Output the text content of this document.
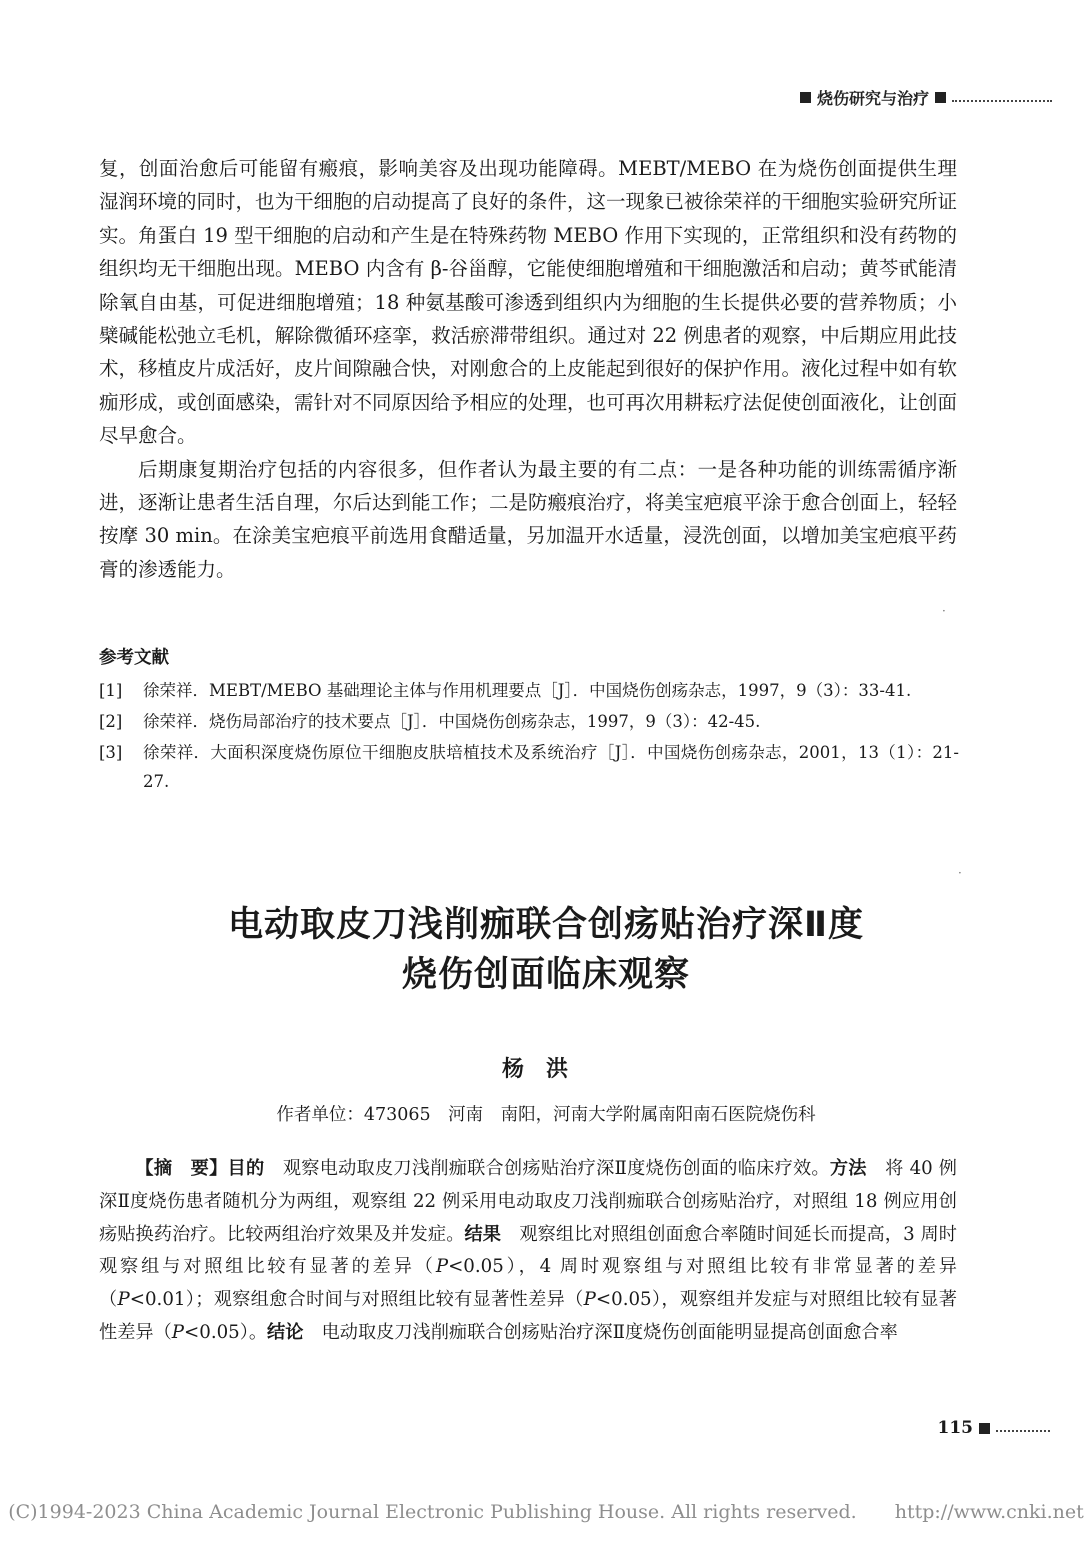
烧伤研究与治疗

复，创面治愈后可能留有瘢痕，影响美容及出现功能障碍。MEBT/MEBO 在为烧伤创面提供生理湿润环境的同时，也为干细胞的启动提高了良好的条件，这一现象已被徐荣祥的干细胞实验研究所证实。角蛋白 19 型干细胞的启动和产生是在特殊药物 MEBO 作用下实现的，正常组织和没有药物的组织均无干细胞出现。MEBO 内含有 β-谷甾醇，它能使细胞增殖和干细胞激活和启动；黄芩甙能清除氧自由基，可促进细胞增殖；18 种氨基酸可渗透到组织内为细胞的生长提供必要的营养物质；小檗碱能松弛立毛机，解除微循环痉挛，救活瘀滞带组织。通过对 22 例患者的观察，中后期应用此技术，移植皮片成活好，皮片间隙融合快，对刚愈合的上皮能起到很好的保护作用。液化过程中如有软痂形成，或创面感染，需针对不同原因给予相应的处理，也可再次用耕耘疗法促使创面液化，让创面尽早愈合。

后期康复期治疗包括的内容很多，但作者认为最主要的有二点：一是各种功能的训练需循序渐进，逐渐让患者生活自理，尔后达到能工作；二是防瘢痕治疗，将美宝疤痕平涂于愈合创面上，轻轻按摩 30 min。在涂美宝疤痕平前选用食醋适量，另加温开水适量，浸洗创面，以增加美宝疤痕平药膏的渗透能力。

参考文献
[1]	徐荣祥．MEBT/MEBO 基础理论主体与作用机理要点［J］．中国烧伤创疡杂志，1997，9（3）：33-41.
[2]	徐荣祥．烧伤局部治疗的技术要点［J］．中国烧伤创疡杂志，1997，9（3）：42-45.
[3]	徐荣祥．大面积深度烧伤原位干细胞皮肤培植技术及系统治疗［J］．中国烧伤创疡杂志，2001，13（1）：21-27.
·
·
电动取皮刀浅削痂联合创疡贴治疗深Ⅱ度
烧伤创面临床观察
杨洪
作者单位：473065　河南　南阳，河南大学附属南阳南石医院烧伤科
【摘　要】目的　观察电动取皮刀浅削痂联合创疡贴治疗深Ⅱ度烧伤创面的临床疗效。方法　将 40 例深Ⅱ度烧伤患者随机分为两组，观察组 22 例采用电动取皮刀浅削痂联合创疡贴治疗，对照组 18 例应用创疡贴换药治疗。比较两组治疗效果及并发症。结果　观察组比对照组创面愈合率随时间延长而提高，3 周时观察组与对照组比较有显著的差异（P<0.05），4 周时观察组与对照组比较有非常显著的差异（P<0.01）；观察组愈合时间与对照组比较有显著性差异（P<0.05），观察组并发症与对照组比较有显著性差异（P<0.05）。结论　电动取皮刀浅削痂联合创疡贴治疗深Ⅱ度烧伤创面能明显提高创面愈合率
115
(C)1994-2023 China Academic Journal Electronic Publishing House. All rights reserved.　　http://www.cnki.net
